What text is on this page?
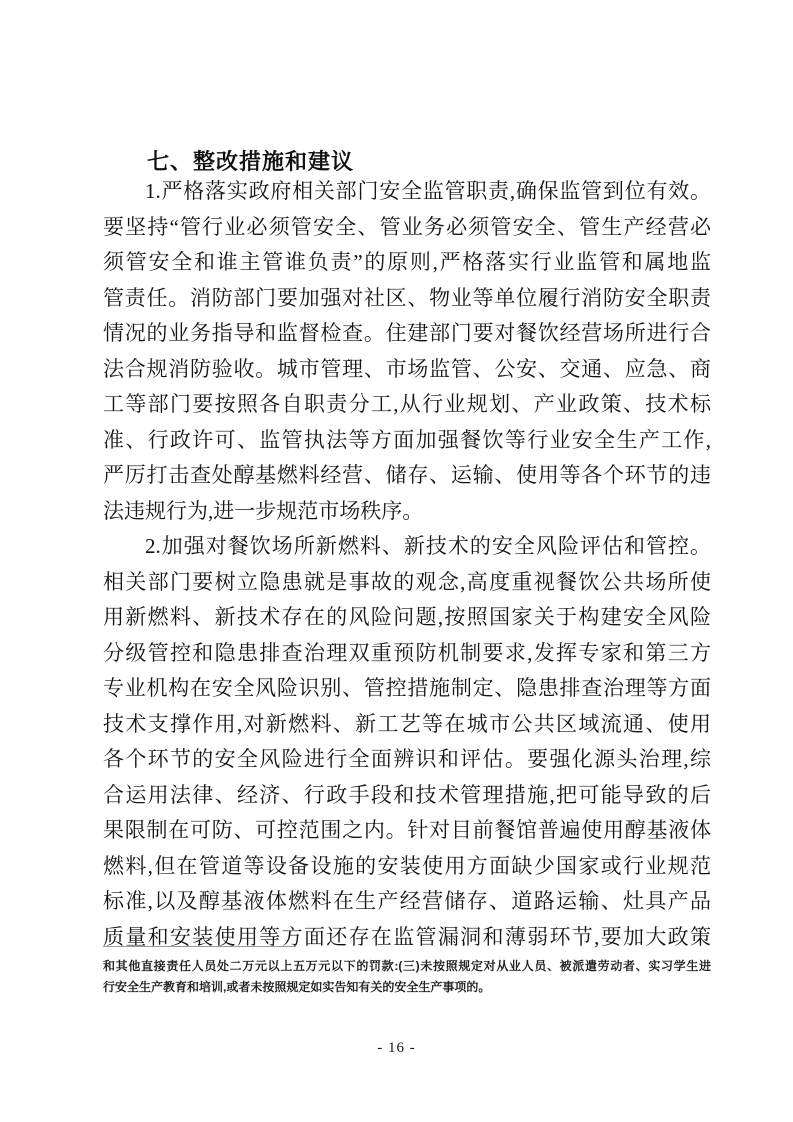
七、整改措施和建议
1.严格落实政府相关部门安全监管职责,确保监管到位有效。
要坚持“管行业必须管安全、管业务必须管安全、管生产经营必
须管安全和谁主管谁负责”的原则,严格落实行业监管和属地监
管责任。消防部门要加强对社区、物业等单位履行消防安全职责
情况的业务指导和监督检查。住建部门要对餐饮经营场所进行合
法合规消防验收。城市管理、市场监管、公安、交通、应急、商
工等部门要按照各自职责分工,从行业规划、产业政策、技术标
准、行政许可、监管执法等方面加强餐饮等行业安全生产工作,
严厉打击查处醇基燃料经营、储存、运输、使用等各个环节的违
法违规行为,进一步规范市场秩序。
2.加强对餐饮场所新燃料、新技术的安全风险评估和管控。
相关部门要树立隐患就是事故的观念,高度重视餐饮公共场所使
用新燃料、新技术存在的风险问题,按照国家关于构建安全风险
分级管控和隐患排查治理双重预防机制要求,发挥专家和第三方
专业机构在安全风险识别、管控措施制定、隐患排查治理等方面
技术支撑作用,对新燃料、新工艺等在城市公共区域流通、使用
各个环节的安全风险进行全面辨识和评估。要强化源头治理,综
合运用法律、经济、行政手段和技术管理措施,把可能导致的后
果限制在可防、可控范围之内。针对目前餐馆普遍使用醇基液体
燃料,但在管道等设备设施的安装使用方面缺少国家或行业规范
标准,以及醇基液体燃料在生产经营储存、道路运输、灶具产品
质量和安装使用等方面还存在监管漏洞和薄弱环节,要加大政策
和其他直接责任人员处二万元以上五万元以下的罚款:(三)未按照规定对从业人员、被派遣劳动者、实习学生进
行安全生产教育和培训,或者未按照规定如实告知有关的安全生产事项的。
- 16 -
